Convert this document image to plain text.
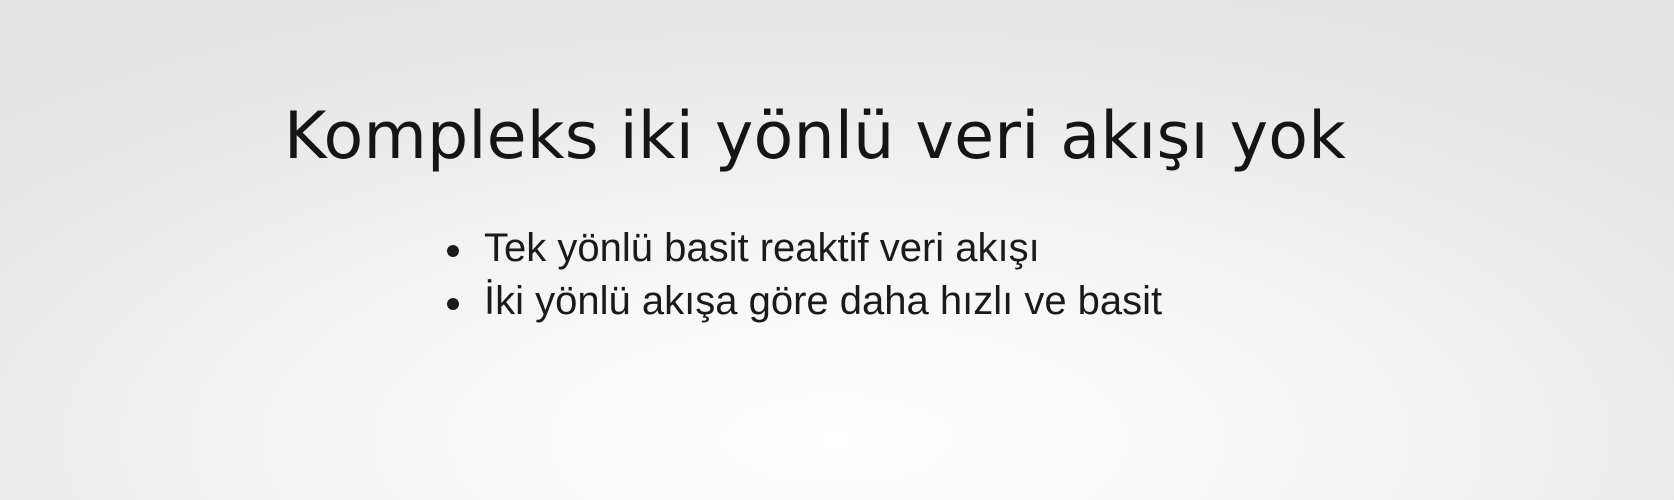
Kompleks iki yönlü veri akışı yok
Tek yönlü basit reaktif veri akışı
İki yönlü akışa göre daha hızlı ve basit
